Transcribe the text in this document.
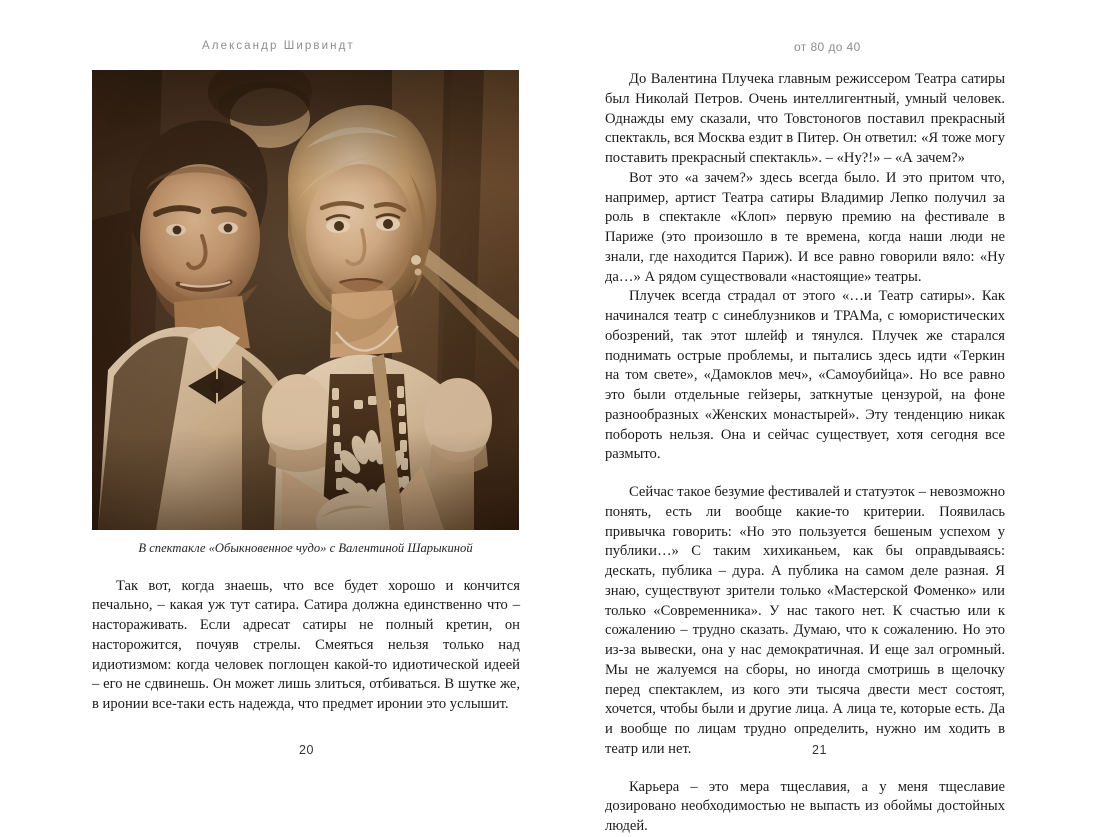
Александр Ширвиндт	от 80 до 40
В спектакле «Обыкновенное чудо» с Валентиной Шарыкиной

Так вот, когда знаешь, что все будет хорошо и кончится печально, – какая уж тут сатира. Сатира должна единственно что – настораживать. Если адресат сатиры не полный кретин, он насторожится, почуяв стрелы. Смеяться нельзя только над идиотизмом: когда человек поглощен какой-то идиотической идеей – его не сдвинешь. Он может лишь злиться, отбиваться. В шутке же, в иронии все-таки есть надежда, что предмет иронии это услышит.

До Валентина Плучека главным режиссером Театра сатиры был Николай Петров. Очень интеллигентный, умный человек. Однажды ему сказали, что Товстоногов поставил прекрасный спектакль, вся Москва ездит в Питер. Он ответил: «Я тоже могу поставить прекрасный спектакль». – «Ну?!» – «А зачем?»

Вот это «а зачем?» здесь всегда было. И это притом что, например, артист Театра сатиры Владимир Лепко получил за роль в спектакле «Клоп» первую премию на фестивале в Париже (это произошло в те времена, когда наши люди не знали, где находится Париж). И все равно говорили вяло: «Ну да…» А рядом существовали «настоящие» театры.

Плучек всегда страдал от этого «…и Театр сатиры». Как начинался театр с синеблузников и ТРАМа, с юмористических обозрений, так этот шлейф и тянулся. Плучек же старался поднимать острые проблемы, и пытались здесь идти «Теркин на том свете», «Дамоклов меч», «Самоубийца». Но все равно это были отдельные гейзеры, заткнутые цензурой, на фоне разнообразных «Женских монастырей». Эту тенденцию никак побороть нельзя. Она и сейчас существует, хотя сегодня все размыто.

Сейчас такое безумие фестивалей и статуэток – невозможно понять, есть ли вообще какие-то критерии. Появилась привычка говорить: «Но это пользуется бешеным успехом у публики…» С таким хихиканьем, как бы оправдываясь: дескать, публика – дура. А публика на самом деле разная. Я знаю, существуют зрители только «Мастерской Фоменко» или только «Современника». У нас такого нет. К счастью или к сожалению – трудно сказать. Думаю, что к сожалению. Но это из-за вывески, она у нас демократичная. И еще зал огромный. Мы не жалуемся на сборы, но иногда смотришь в щелочку перед спектаклем, из кого эти тысяча двести мест состоят, хочется, чтобы были и другие лица. А лица те, которые есть. Да и вообще по лицам трудно определить, нужно им ходить в театр или нет.

Карьера – это мера тщеславия, а у меня тщеславие дозировано необходимостью не выпасть из обоймы достойных людей.

20	21
